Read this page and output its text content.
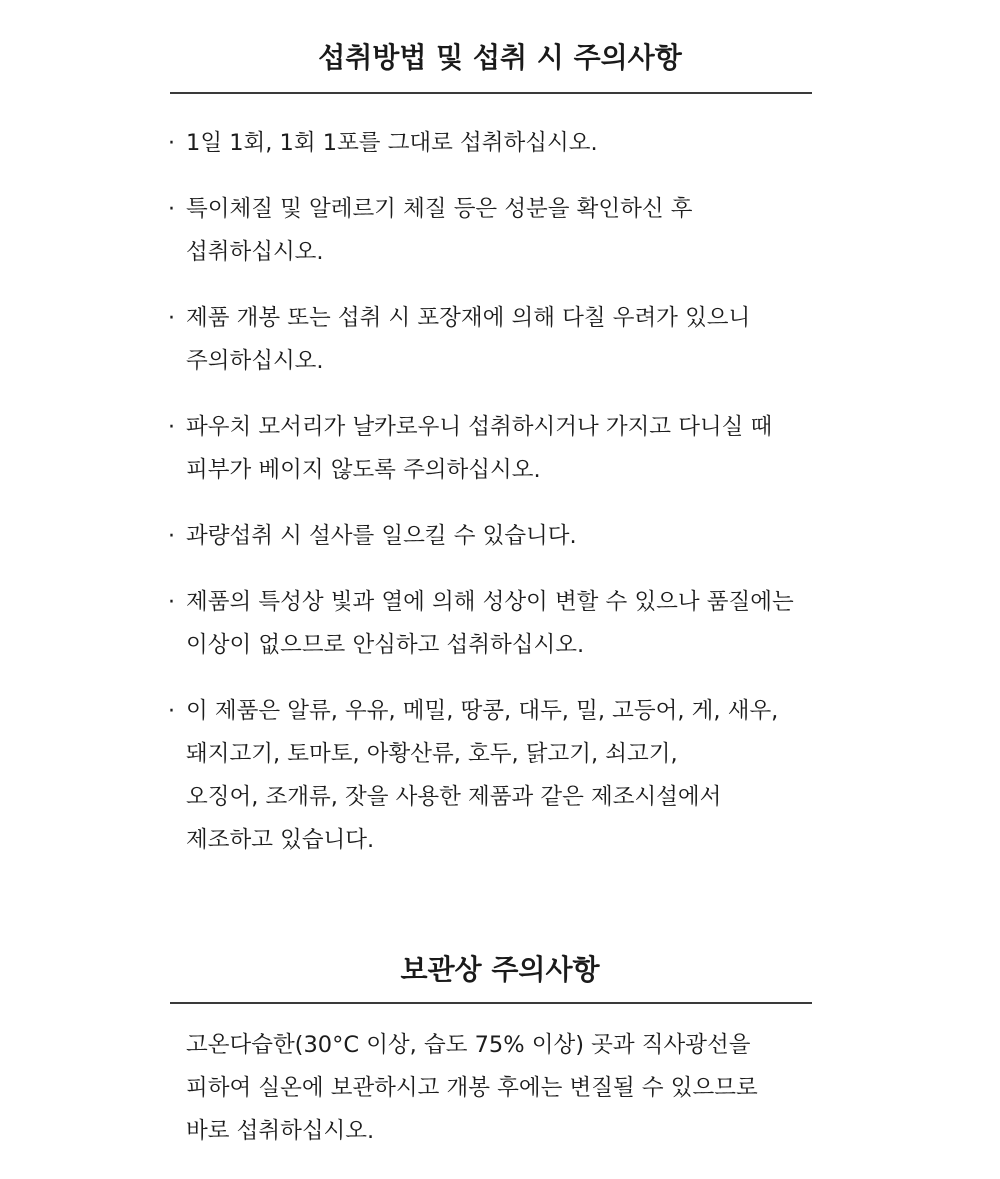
섭취방법 및 섭취 시 주의사항
· 1일 1회, 1회 1포를 그대로 섭취하십시오.
· 특이체질 및 알레르기 체질 등은 성분을 확인하신 후
섭취하십시오.
· 제품 개봉 또는 섭취 시 포장재에 의해 다칠 우려가 있으니
주의하십시오.
· 파우치 모서리가 날카로우니 섭취하시거나 가지고 다니실 때
피부가 베이지 않도록 주의하십시오.
· 과량섭취 시 설사를 일으킬 수 있습니다.
· 제품의 특성상 빛과 열에 의해 성상이 변할 수 있으나 품질에는
이상이 없으므로 안심하고 섭취하십시오.
· 이 제품은 알류, 우유, 메밀, 땅콩, 대두, 밀, 고등어, 게, 새우,
돼지고기, 토마토, 아황산류, 호두, 닭고기, 쇠고기,
오징어, 조개류, 잣을 사용한 제품과 같은 제조시설에서
제조하고 있습니다.
보관상 주의사항
고온다습한(30°C 이상, 습도 75% 이상) 곳과 직사광선을
피하여 실온에 보관하시고 개봉 후에는 변질될 수 있으므로
바로 섭취하십시오.
